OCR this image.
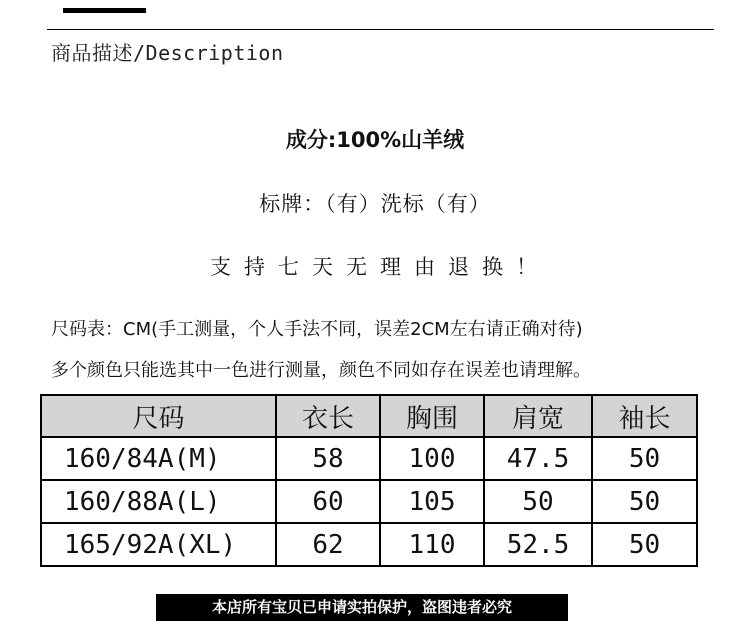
商品描述/Description
成分:100%山羊绒
标牌：（有）洗标（有）
支持七天无理由退换！
尺码表：CM(手工测量，个人手法不同，误差2CM左右请正确对待)
多个颜色只能选其中一色进行测量，颜色不同如存在误差也请理解。
尺码	衣长	胸围	肩宽	袖长
160/84A(M)	58	100	47.5	50
160/88A(L)	60	105	50	50
165/92A(XL)	62	110	52.5	50
本店所有宝贝已申请实拍保护，盗图违者必究
